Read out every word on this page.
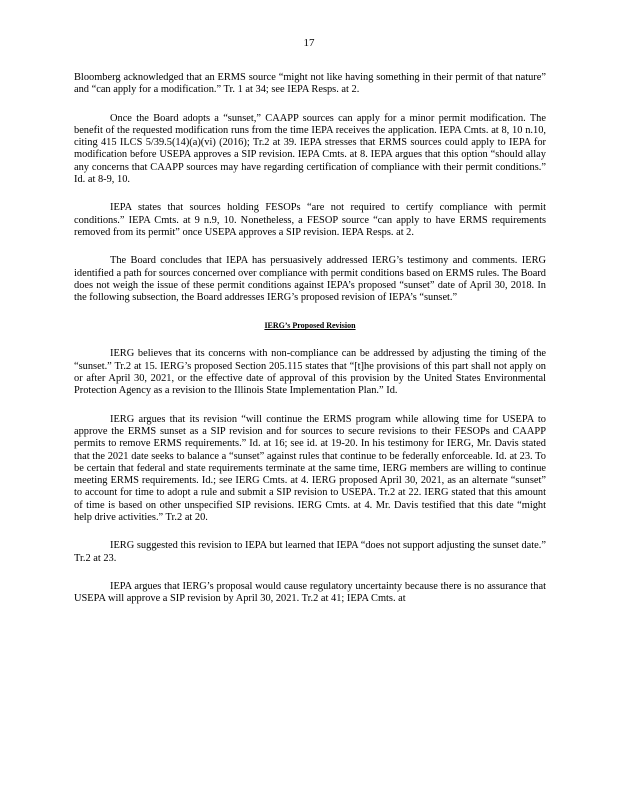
17

Bloomberg acknowledged that an ERMS source “might not like having something in their permit of that nature” and “can apply for a modification.” Tr. 1 at 34; see IEPA Resps. at 2.

Once the Board adopts a “sunset,” CAAPP sources can apply for a minor permit modification. The benefit of the requested modification runs from the time IEPA receives the application. IEPA Cmts. at 8, 10 n.10, citing 415 ILCS 5/39.5(14)(a)(vi) (2016); Tr.2 at 39. IEPA stresses that ERMS sources could apply to IEPA for modification before USEPA approves a SIP revision. IEPA Cmts. at 8. IEPA argues that this option “should allay any concerns that CAAPP sources may have regarding certification of compliance with their permit conditions.” Id. at 8-9, 10.

IEPA states that sources holding FESOPs “are not required to certify compliance with permit conditions.” IEPA Cmts. at 9 n.9, 10. Nonetheless, a FESOP source “can apply to have ERMS requirements removed from its permit” once USEPA approves a SIP revision. IEPA Resps. at 2.

The Board concludes that IEPA has persuasively addressed IERG’s testimony and comments. IERG identified a path for sources concerned over compliance with permit conditions based on ERMS rules. The Board does not weigh the issue of these permit conditions against IEPA’s proposed “sunset” date of April 30, 2018. In the following subsection, the Board addresses IERG’s proposed revision of IEPA’s “sunset.”

IERG’s Proposed Revision

IERG believes that its concerns with non-compliance can be addressed by adjusting the timing of the “sunset.” Tr.2 at 15. IERG’s proposed Section 205.115 states that “[t]he provisions of this part shall not apply on or after April 30, 2021, or the effective date of approval of this provision by the United States Environmental Protection Agency as a revision to the Illinois State Implementation Plan.” Id.

IERG argues that its revision “will continue the ERMS program while allowing time for USEPA to approve the ERMS sunset as a SIP revision and for sources to secure revisions to their FESOPs and CAAPP permits to remove ERMS requirements.” Id. at 16; see id. at 19-20. In his testimony for IERG, Mr. Davis stated that the 2021 date seeks to balance a “sunset” against rules that continue to be federally enforceable. Id. at 23. To be certain that federal and state requirements terminate at the same time, IERG members are willing to continue meeting ERMS requirements. Id.; see IERG Cmts. at 4. IERG proposed April 30, 2021, as an alternate “sunset” to account for time to adopt a rule and submit a SIP revision to USEPA. Tr.2 at 22. IERG stated that this amount of time is based on other unspecified SIP revisions. IERG Cmts. at 4. Mr. Davis testified that this date “might help drive activities.” Tr.2 at 20.

IERG suggested this revision to IEPA but learned that IEPA “does not support adjusting the sunset date.” Tr.2 at 23.

IEPA argues that IERG’s proposal would cause regulatory uncertainty because there is no assurance that USEPA will approve a SIP revision by April 30, 2021. Tr.2 at 41; IEPA Cmts. at
